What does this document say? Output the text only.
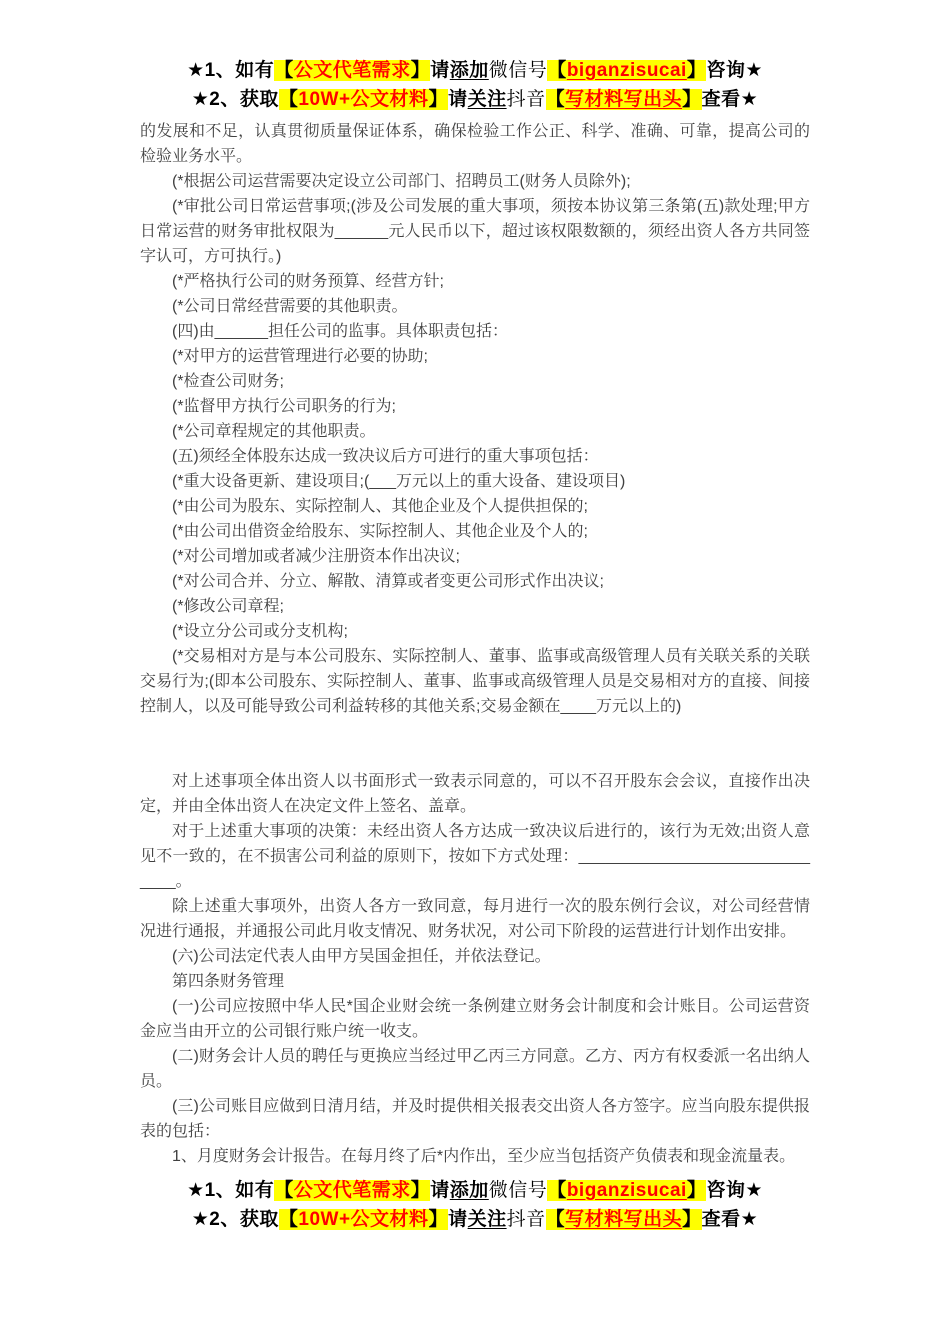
★1、如有【公文代笔需求】请添加微信号【biganzisucai】咨询★
★2、获取【10W+公文材料】请关注抖音【写材料写出头】查看★

的发展和不足，认真贯彻质量保证体系，确保检验工作公正、科学、准确、可靠，提高公司的检验业务水平。

(*根据公司运营需要决定设立公司部门、招聘员工(财务人员除外);

(*审批公司日常运营事项;(涉及公司发展的重大事项，须按本协议第三条第(五)款处理;甲方日常运营的财务审批权限为______元人民币以下，超过该权限数额的，须经出资人各方共同签字认可，方可执行。)

(*严格执行公司的财务预算、经营方针;

(*公司日常经营需要的其他职责。

(四)由______担任公司的监事。具体职责包括：

(*对甲方的运营管理进行必要的协助;

(*检查公司财务;

(*监督甲方执行公司职务的行为;

(*公司章程规定的其他职责。

(五)须经全体股东达成一致决议后方可进行的重大事项包括：

(*重大设备更新、建设项目;(___万元以上的重大设备、建设项目)

(*由公司为股东、实际控制人、其他企业及个人提供担保的;

(*由公司出借资金给股东、实际控制人、其他企业及个人的;

(*对公司增加或者减少注册资本作出决议;

(*对公司合并、分立、解散、清算或者变更公司形式作出决议;

(*修改公司章程;

(*设立分公司或分支机构;

(*交易相对方是与本公司股东、实际控制人、董事、监事或高级管理人员有关联关系的关联交易行为;(即本公司股东、实际控制人、董事、监事或高级管理人员是交易相对方的直接、间接控制人，以及可能导致公司利益转移的其他关系;交易金额在____万元以上的)

对上述事项全体出资人以书面形式一致表示同意的，可以不召开股东会会议，直接作出决定，并由全体出资人在决定文件上签名、盖章。

对于上述重大事项的决策：未经出资人各方达成一致决议后进行的，该行为无效;出资人意见不一致的，在不损害公司利益的原则下，按如下方式处理：______________________________。

除上述重大事项外，出资人各方一致同意，每月进行一次的股东例行会议，对公司经营情况进行通报，并通报公司此月收支情况、财务状况，对公司下阶段的运营进行计划作出安排。

(六)公司法定代表人由甲方吴国金担任，并依法登记。

第四条财务管理

(一)公司应按照中华人民*国企业财会统一条例建立财务会计制度和会计账目。公司运营资金应当由开立的公司银行账户统一收支。

(二)财务会计人员的聘任与更换应当经过甲乙丙三方同意。乙方、丙方有权委派一名出纳人员。

(三)公司账目应做到日清月结，并及时提供相关报表交出资人各方签字。应当向股东提供报表的包括：

1、月度财务会计报告。在每月终了后*内作出，至少应当包括资产负债表和现金流量表。

★1、如有【公文代笔需求】请添加微信号【biganzisucai】咨询★
★2、获取【10W+公文材料】请关注抖音【写材料写出头】查看★
